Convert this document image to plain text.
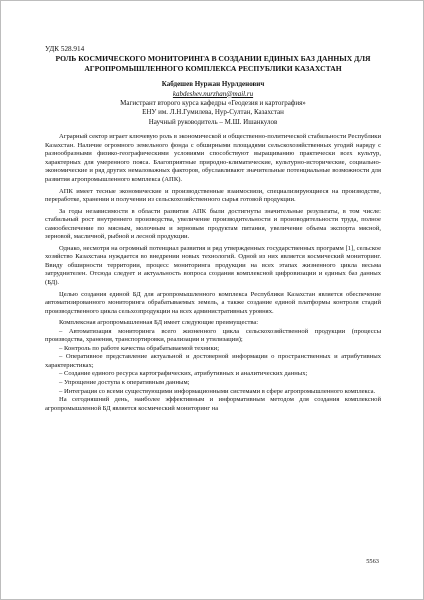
УДК 528.914

РОЛЬ КОСМИЧЕСКОГО МОНИТОРИНГА В СОЗДАНИИ ЕДИНЫХ БАЗ ДАННЫХ ДЛЯ АГРОПРОМЫШЛЕННОГО КОМПЛЕКСА РЕСПУБЛИКИ КАЗАХСТАН

Кабдешев Нуржан Нурлденович
kabdeshev.nurzhan@mail.ru
Магистрант второго курса кафедры «Геодезия и картография»
ЕНУ им. Л.Н.Гумилева, Нур-Султан, Казахстан
Научный руководитель – М.Ш. Ишанкулов

Аграрный сектор играет ключевую роль в экономической и общественно-политической стабильности Республики Казахстан. Наличие огромного земельного фонда с обширными площадями сельскохозяйственных угодий наряду с разнообразными физико-географическими условиями способствуют выращиванию практически всех культур, характерных для умеренного пояса. Благоприятные природно-климатические, культурно-исторические, социально-экономические и ряд других немаловажных факторов, обуславливают значительные потенциальные возможности для развития агропромышленного комплекса (АПК).

АПК имеет тесные экономические и производственные взаимосвязи, специализирующиеся на производстве, переработке, хранении и получении из сельскохозяйственного сырья готовой продукции.

За годы независимости в области развития АПК были достигнуты значительные результаты, в том числе: стабильный рост внутреннего производства, увеличение производительности и производительности труда, полное самообеспечение по мясным, молочным и зерновым продуктам питания, увеличение объема экспорта мясной, зерновой, масличной, рыбной и лесной продукции.

Однако, несмотря на огромный потенциал развития и ряд утвержденных государственных программ [1], сельское хозяйство Казахстана нуждается во внедрении новых технологий. Одной из них является космический мониторинг. Ввиду обширности территории, процесс мониторинга продукции на всех этапах жизненного цикла весьма затруднителен. Отсюда следует и актуальность вопроса создания комплексной цифровизации и единых баз данных (БД).

Целью создания единой БД для агропромышленного комплекса Республики Казахстан является обеспечение автоматизированного мониторинга обрабатываемых земель, а также создание единой платформы контроля стадий производственного цикла сельхозпродукции на всех административных уровнях.

Комплексная агропромышленная БД имеет следующие преимущества:

– Автоматизация мониторинга всего жизненного цикла сельскохозяйственной продукции (процессы производства, хранения, транспортировки, реализации и утилизации);

– Контроль по работе качества обрабатываемой техники;

– Оперативное представление актуальной и достоверной информации о пространственных и атрибутивных характеристиках;

– Создание единого ресурса картографических, атрибутивных и аналитических данных;

– Упрощение доступа к оперативным данным;

– Интеграция со всеми существующими информационными системами в сфере агропромышленного комплекса.

На сегодняшний день, наиболее эффективным и информативным методом для создания комплексной агропромышленной БД является космический мониторинг на

5563
